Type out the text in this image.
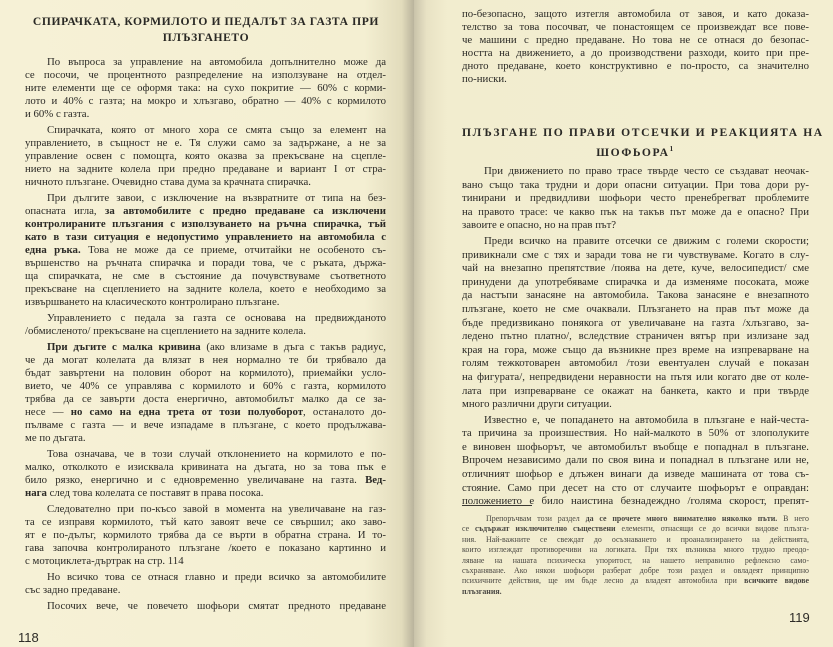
СПИРАЧКАТА, КОРМИЛОТО И ПЕДАЛЪТ ЗА ГАЗТА ПРИ
ПЛЪЗГАНЕТО
По въпроса за управление на автомобила допълнително може да
се посочи, че процентното разпределение на използуване на отдел-
ните елементи ще се оформя така: на сухо покритие — 60% с корми-
лото и 40% с газта; на мокро и хлъзгаво, обратно — 40% с кормилото
и 60% с газта.
Спирачката, която от много хора се смята също за елемент на
управлението, в същност не е. Тя служи само за задържане, а не за
управление освен с помощта, която оказва за прекъсване на сцепле-
нието на задните колела при предно предаване и вариант I от стра-
ничното плъзгане. Очевидно става дума за крачната спирачка.
При дългите завои, с изключение на възвратните от типа на без-
опасната игла, за автомобилите с предно предаване са изключени
контролираните плъзгания с използуването на ръчна спирачка, тъй
като в тази ситуация е недопустимо управлението на автомобила с
една ръка. Това не може да се приеме, отчитайки не особеното съ-
вършенство на ръчната спирачка и поради това, че с ръката, държа-
ща спирачката, не сме в състояние да почувствуваме съответното
прекъсване на сцеплението на задните колела, което е необходимо за
извършването на класическото контролирано плъзгане.
Управлението с педала за газта се основава на предвижданото
/обмисленото/ прекъсване на сцеплението на задните колела.
При дъгите с малка кривина (ако влизаме в дъга с такъв радиус,
че да могат колелата да влязат в нея нормално те би трябвало да
бъдат завъртени на половин оборот на кормилото), приемайки усло-
вието, че 40% се управлява с кормилото и 60% с газта, кормилото
трябва да се завърти доста енергично, автомобилът малко да се за-
несе — но само на една трета от този полуоборот, останалото до-
пълваме с газта — и вече изпадаме в плъзгане, с което продължава-
ме по дъгата.
Това означава, че в този случай отклонението на кормилото е по-
малко, отколкото е изисквала кривината на дъгата, но за това пък е
било рязко, енергично и с едновременно увеличаване на газта. Вед-
нага след това колелата се поставят в права посока.
Следователно при по-късо завой в момента на увеличаване на газ-
та се изправя кормилото, тъй като завоят вече се свършил; ако заво-
ят е по-дълъг, кормилото трябва да се върти в обратна страна. И то-
гава започва контролираното плъзгане /което е показано картинно и
с мотоциклета-дъртрак на стр. 114
Но всичко това се отнася главно и преди всичко за автомобилите
със задно предаване.
Посочих вече, че повечето шофьори смятат предното предаване
118
по-безопасно, защото изтегля автомобила от завоя, и като доказа-
телство за това посочват, че понастоящем се произвеждат все пове-
че машини с предно предаване. Но това не се отнася до безопас-
ността на движението, а до производствени разходи, които при пре-
дното предаване, което конструктивно е по-просто, са значително
по-ниски.
ПЛЪЗГАНЕ ПО ПРАВИ ОТСЕЧКИ И РЕАКЦИЯТА НА
ШОФЬОРА$^1$
При движението по право трасе твърде често се създават неочак-
вано също така трудни и дори опасни ситуации. При това дори ру-
тинирани и предвидливи шофьори често пренебрегват проблемите
на правото трасе: че какво пък на такъв път може да е опасно? При
завоите е опасно, но на прав път?
Преди всичко на правите отсечки се движим с големи скорости;
привикнали сме с тях и заради това не ги чувствуваме. Когато в слу-
чай на внезапно препятствие /поява на дете, куче, велосипедист/ сме
принудени да употребяваме спирачка и да изменяме посоката, може
да настъпи занасяне на автомобила. Такова занасяне е внезапното
плъзгане, което не сме очаквали. Плъзгането на прав път може да
бъде предизвикано понякога от увеличаване на газта /хлъзгаво, за-
ледено пътно платно/, вследствие страничен вятър при излизане зад
края на гора, може също да възникне през време на изпреварване на
голям тежкотоварен автомобил /този евентуален случай е показан
на фигурата/, непредвидени неравности на пътя или когато две от коле-
лата при изпреварване се окажат на банкета, както и при твърде
много различни други ситуации.
Известно е, че попадането на автомобила в плъзгане е най-честа-
та причина за произшествия. Но най-малкото в 50% от злополуките
е виновен шофьорът, че автомобилът въобще е попаднал в плъзгане.
Впрочем независимо дали по своя вина и попаднал в плъзгане или не,
отличният шофьор е длъжен винаги да изведе машината от това съ-
стояние. Само при десет на сто от случаите шофьорът е оправдан:
положението е било наистина безнадеждно /голяма скорост, препят-
Препоръчвам този раздел да се прочете много внимателно няколко пъти. В него
се съдържат изключително съществени елементи, отнасящи се до всички видове плъзга-
ния. Най-важните се свеждат до осъзнаването и проанализирането на действията,
които изглеждат противоречиви на логиката. При тях възниква много трудно преодо-
ляване на нашата психическа упоритост, на нашето неправилно рефлексно само-
съхраняване. Ако някои шофьори разберат добре този раздел и овладеят принципно
психичните действия, ще им бъде лесно да владеят автомобила при всичките видове
плъзгания.
119
